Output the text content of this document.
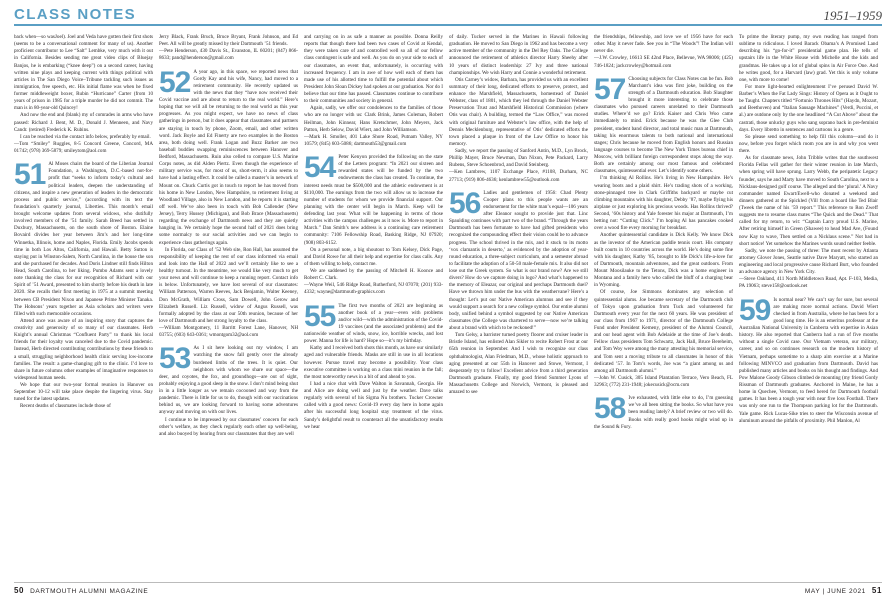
CLASS NOTES	1951–1959

back when—so wasJoel). Joel and Veda have gotten their first shots (seems to be a conversational comment for many of us). Another proficient contributor to Lee “Salt” Lembke, very much with it out in California. Besides sending me great video clips of Bluejay Banjos, he is embarking (“knee deep”) on a second career, having written nine plays and keeping current with things political with articles in The San Diego Voice–Tribune tackling such issues as immigration, free speech, etc. His initial flame was when he fixed former middleweight boxer, Rubin “Hurricane” Carter (from 10 years of prison in 1985 for a triple murder he did not commit. The man is in 80-year-old Quincey!

And now the end and (blank) my of comrades in arms who have passed: Richard J. Bent, M. D., Donald J. Menneen, and Navy Candr. (retired) Frederick K. Rubins.

I can be reached via the contact info below, preferably by email.

—Tom “Smiley” Ruggles, 8-5 Concord Greene, Concord, MA 01742; (978) 369-5879; smileytom@aol.com

51 Al Moses chairs the board of the Liberian Journal Foundation, a Washington, D.C.-based not-for-profit that “seeks to inform today’s cultural and political leaders, deepen the understanding of citizens, and inspire a new generation of leaders in the democratic process and public service,” (according with its text the foundation’s quarterly journal, Liberties. This month’s email brought welcome updates from several widows, who dutifully involved members of the ’51 family. Sarah Breed has settled in Duxbury, Massachusetts, on the south shore of Boston. Elaine Bovaird divides her year between Jim’s and her long-time Winnetka, Illinois, home and Naples, Florida. Emily Jacobs spends time in both Los Altos, California, and Hawaii. Betty Sutton is staying put in Winston-Salem, North Carolina, in the house the son and she purchased for decades. And Doris Lindner still finds Hilton Head, South Carolina, to her liking. Pumbo Adams sent a lovely note thanking the class for our recognition of Richard with our Spirit of ’51 Award, presented to him shortly before his death in late 2020. She recalls their first meeting in 1975 at a summit meeting between CB President Nixon and Japanese Prime Minister Tanaka. The Hobsons’ years together as Asia scholars and writers were filled with such memorable occasions.

Attend ance was aware of an inspiring story that captures the creativity and generosity of so many of our classmates. Herb Knight’s annual Christmas “Confluent Party” to thank his local friends for their loyalty was canceled due to the Covid pandemic. Instead, Herb directed contributing contributions by these friends to a small, struggling neighborhood health clinic serving low-income families. The result: a game-changing gift to the clinic. I’d love to share in future columns other examples of imaginative responses to widespread human needs.

We hope that our two-year formal reunion in Hanover on September 10-12 will take place despite the lingering virus. Stay tuned for the latest updates.

Recent deaths of classmates include those of

Jerry Black, Frank Bruch, Bruce Bryant, Frank Johnson, and Ed Peet. All will be greatly missed by their Dartmouth ’51 friends.

—Pete Henderson, 430 Davis St., Evanston, IL 60201; (847) 866-8633; pand@henderson@gmail.com

52 A year ago, in this space, we reported news that Gordy Kay and his wife, Nancy, had moved to a retirement community. He recently updated us with the news that they “have now received their Covid vaccine and are about to return to the real world.” Here’s hoping that we will all be returning to the real world as this year progresses. As you might expect, we have no news of class gatherings in person, but it does appear that classmates and partners are staying in touch by phone, Zoom, email, and other written word. Jack Boyle and Ed Finerty are two examples in the Boston area, both doing well. Frank Logan and Buzz Barker are two baseball buddies swapping reminiscences between Hanover and Bedford, Massachusetts. Ruin also celled to compare U.S. Marine Corps notes, as did Alden Piertz. Even though the experience of military service was, for most of us, short-term, it also seems to have had a lasting effect. It could be called a master’s in network of Mount on. Chuck Curtis got in touch to report he has moved from his home in New London, New Hampshire, to retirement living at Woodland Village, also in New London, and he reports it is starting off well. We’ve also been in touch with Bob Callender (New Jersey), Terry Hussey (Michigan), and Bob Brace (Massachusetts) regarding the exchange of Dartmouth news and they are quietly hanging in. We certainly hope the second half of 2021 does bring some normalcy to our social activities and we can begin to experience class gatherings again.

In Florida, our Class of ’52 Web site, Ron Hall, has assumed the responsibility of keeping the rest of our class informed via email and look into the Hall of 2022 and we’ll certainly like to see a healthy turnout. In the meantime, we would like very much to get your news and will continue to keep a running report. Contact info is below. Unfortunately, we have lost several of our classmates: William Patterson, Warren Reeves, Jack Benjamin, Walter Keeney, Don McGrath, William Cross, Sam Dowell, John Gerow and Elizabeth Russell. Liz Russell, widow of Angus Russell, was formally adopted by the class at our 50th reunion, because of her love of Dartmouth and her strong loyalty to the class.

—William Montgomery, 11 Barritt Forest Lane, Hanover, NH 03755; (603) 643-0361; wmontgom32@aol.com

53 As I sit here looking out my window, I am watching the snow fall gently over the already burdened limbs of the trees. It is quiet. Our neighbors with whom we share our space—the deer, and coyotes, the fox, and groundhogs—are out of sight, probably enjoying a good sleep in the snow. I don’t mind being shut in in a little longer as we remain cocooned and way from the pandemic. There is little for us to do, though with our vaccinations behind us, we are looking forward to having some adventures anyway and moving on with our lives.

I continue to be impressed by our classmates’ concern for each other’s welfare, as they check regularly each other up well-being, and also buoyed by hearing from our classmates that they are well

and carrying on in as safe a manner as possible. Donna Reilly reports that though there had been two cases of Covid at Kendal, they were taken care of and controlled well so all of our fellow class contingent is safe and well. As you do on your side to each of our classmates, an event that, unfortunately, is occurring with increased frequency. I am in awe of how well each of them has made use of his allotted time to fulfill the potential about which President John Sloan Dickey had spoken at our graduation. Nor do I believe that our time has passed. Classmates continue to contribute to their communities and society in general.

Again, sadly, we offer our condolences to the families of those who are no longer with us: Clark Brink, James Coleman, Robert Heilman, John Kinnear, Hans Kretschmer, John Meyers, Jack Patton, Herb Selow, David Wiert, and John Williamson.

—Mark H. Smoller, 401 Lake Shore Road, Putnam Valley, NY 10579; (845) 603-5086; dartmouth53@gmail.com

54 Peter Kenyon provided the following on the state of the Letters program: “In 2021 our sixteen and rewarded states will be funded by the two endowments the class has created. To continue, the interest needs must be $500,000 and the athletic endowment is at $110,000. The earnings from the two will allow us to increase the number of students for whom we provide financial support. Our planning with the center will begin in March. Keep will be defending last year. What will be happening in terms of those activities with the campus challenges as it now is. More to report in March.” Dan Smith’s new address is a continuing care retirement community: 7106 Fellowship Road, Basking Ridge, NJ 07920; (908) 803-6152.

On a personal note, a big shoutout to Tom Kelsey, Dick Page, and David Rowe for all their help and expertise for class calls. Any of them willing to help, contact me.

We are saddened by the passing of Mitchell H. Koonce and Robert C. Clark.

—Wayne Weil, 546 Ridge Road, Rutherford, NJ 07070; (201) 933-4332; wayne@dartmouth-graphics.com

55 The first two months of 2021 are beginning as another book of a year—even with problems and/or wild—with the administration of the Covid-19 vaccines (and the associated problems) and the nationwide weather of winds, snow, ice, horrible wrecks, and lost power. Manna for life is hard? Hope so—it’s my birthday.

Kathy and I received both shots this month, as have our similarly aged and vulnerable friends. Masks are still in use in all locations however. Pursue travel may become a possibility. Your class executive committee is working on a class mini reunion in the fall; the most noteworthy news in a bit of and ahead to you.

I had a nice chat with Dave Walton in Savannah, Georgia. He and Alice are doing well and just by the weather. Dave talks regularly with several of his Sigma Nu brothers. Tucker Crowner called with a good news: Covid-19 every day here in home again after his successful long hospital stay treatment of the virus. Sandy’s delightful result to counteract all the unsatisfactory results we hear

of daily. Tucker served in the Marines in Hawaii following graduation. He moved to San Diego in 1962 and has become a very active member of the community in the Del Rey Oaks. The College announced the retirement of athletics director Harry Sheehy after 10 years of distinct leadership: 27 Ivy and three national championships. We wish Harry and Connie a wonderful retirement.

Otis Carney’s widow, Barbara, has provided us with an excellent summary of their long, dedicated efforts to preserve, protect, and enhance the Marshfield, Massachusetts, homestead of Daniel Webster, class of 1801, which they led through the Daniel Webster Preservation Trust and Marshfield Historical Commission (where Otis was chair). A building, termed the “Law Office,” was moved with original furniture and Webster’s law office, with the help of Dennis Mecklenburg, representative of Otis’ dedicated efforts the town placed a plaque in front of the Law Office to honor his memory.

Sadly, we report the passing of Sanford Antin, M.D., Lyn Brock, Phillip Mayer, Bruce Newman, Dan Nixon, Pete Packard, Larry Rubens, Steve Schoenbrod, and David Steinberg.

—Ken Lambrew, 1107 Exchange Place, #1108, Durham, NC 27713; (919) 806-4636; kenlambrew55@outlook.com

56 Ladies and gentlemen of 1956: Chad Plenty Cooper plans to this people wants are an endorsement for the white man’s equal—106 years after Eleanor sought to provide just that. Linc Spaulding continues with part two of the brand. “Through the years Dartmouth has been fortunate to have had gifted presidents who recognized the compounding effect their vision could be to advance progress. The school thrived in the mix, and it stuck to its motto ‘vox clamantis in deserto,’ as evidenced by the adoption of year-round education, a three-subject curriculum, and a semester abroad to facilitate the adoption of a 50-50 male-female mix. It also did not lose out the Greek system. So what is our brand now? Are we still divers? How do we capture doing in logo? And what’s happened to the memory of Eleazar, our original and perchaps Dartmouth duel? Have we thrown him under the bus with the weathervane? Here’s a thought: Let’s put our Native American alumnus and see if they would support a search for a new college symbol. Our entire alumni body, unified behind a symbol suggested by our Native American classmates (the College was chartered to serve—now we’re talking about a brand with which to be reckoned!”

Tom Gelsy, a barrister turned poetry floorer and cruiser leader in Bristle Island, has enlisted Alan Sikler to recite Robert Frost at our 65th reunion in September. And I wish to recognize our class ophthalmologist, Alan Friedman, M.D., whose holistic approach to aging presented at our 55th in Hanover and Stowe, Vermont, I desperately try to follow! Excellent advice from a third generation Dartmouth graduate. Finally, my good friend Summer Lyons of Massachusetts College and Norwich, Vermont, is pleased and amazed to see

the friendships, fellowship, and love we of 1956 have for each other. May it never fade. See you in “The Woods”! The Indian will never die.

—J.W. Crowley, 16613 SE 42nd Place, Bellevue, WA 98006; (425) 746-1824; jackcrowley@hotmail.com

57 Choosing subjects for Class Notes can be fun. Bob Marchant’s idea was first joke, building on the strength of a Dartmouth education. Bob Slaughter brought it more interesting to celebrate those classmates who pursued careers unrelated to their Dartmouth studies. Where’d we go? Erick Kaiser and Chris Woo came immediately to mind. Erick because he was the Glee Club president, student band director, and total music man at Dartmouth, taking his enormous talents to both national and international stages; Chris because he moved from English honors and Russian language courses to become The New York Times bureau chief in Moscow, with brilliant foreign correspondent stops along the way. Both are certainly among our most famous and celebrated classmates, quintessential ever. Let’s identify some others.

I’m thinking Al Rollins. He’s living in New Hampshire. He’s wearing boots and a plaid shirt. He’s trading shots of a working, stone-pinnaged tree in Clark Griffiths backyard or maybe cut climbing mountains with his daughter, Debby ’87, maybe flying his airplane or just exploring his precious woods. Has Rollins thrived? Second, ’60s history and Yale forester his major at Dartmouth, I’m betting not: “Cutting Click.” I’m hoping Al has pancakes cooked over a wood fire every morning for breakfast.

Another quintessential candidate is Dick Kelly. We know Dick as the investor of the American paddle tennis court. His company built courts in 10 countries across the world. He’s doing some fine with his daughter, Kathy ’85, brought to life Dick’s life-a-love for of Dartmouth, mountain adventures, and the great outdoors. From Mount Moosilauke to the Tetons, Dick was a home engineer in Montana and a family hero who called the bluff of a charging bear in Wyoming.

Of course, Joe Simmons dominates any selection of quintessential alums. Joe became secretary of the Dartmouth club of Tokyo upon graduation from Tuck and volunteered for Dartmouth every year for the next 60 years. He was president of our class from 1967 to 1971, director of the Dartmouth College Fund under President Kemeny, president of the Alumni Council, and our head agent with Bob Adelaide at the time of Joe’s death. Fellow class presidents Tom Schwartz, Jack Hall, Bruce Bereheim, and Tom Woy were among the many attesting his memorial service, and Tom sent a moving tribute to all classmates in honor of this dedicated ’57. In Tom’s words, Joe was “a giant among us and among all Dartmouth alumni.”

—John W. Cusick, 305 Island Plantation Terrace, Vero Beach, FL 32963; (772) 231-1948; jokecusick@ocm.com

58 Ive exhausted, with little else to do, I’m guessing we’ve all been sitting the books. So what have you been reading lately? A brief review or two will do. Books with really good hooks might wind up in the Sound & Fury.

To prime the literary pump, my own reading has ranged from sublime to ridiculous. I loved Barack Obama’s A Promised Land describing his “go-for-it” presidential game plan. He tells of upstairs life in the White House with Michelle and the kids and grandmas. He takes up a lot of global spins in Air Force One. And he writes good, for a Harvard (law) grad. Yet this is only volume one, with more to come!

For more light-hearted enlightenment I’ve perused David W. Barber’s When the Fat Lady Sings: History of Opera as it Ought to be Taught. Chapters titled “Fortunio Thrones Hits” (Haydn, Mozart, and Beethoven) and “Italian Sausage Machines” (Verdi, Puccini, et al.) are outdone only by the one headlined “A Cut Above” about the castrati, those unlucky guys who sang soprano back in pre-feminist days. Every libretto in sentences and cartoons is a genre.

So please send something to help fill this column—and do it now, before you forget which room you are in and why you went there.

As for classmate news, John Tribble writes that the southwest Florida Fellas will gather for their winter reunion in late March, when spring will have sprung. Larry Webb, the peripatetic Legacy founder, says he and Marty have moved to South Carolina, next to a Nicklaus-designed golf course. The alleged and the ‘plural.’ A Navy commander named Ewart/Ewell-who donated a weekend and dinners gathered at the Spickled (Vill from a board like Ted Blair (Tweek the name of his ’59 report.” This reference to Ron Zweff suggests me to resume class mates “The Quick and the Dead.” That called for my return, to wit: “Captain Larry proud U.S. Marine, After retiring himself in Green (Shawee) to head Mad Ave, (Found now Kay to wave, Then settled on a Nicklaus scene.” Not bad in short notice! Yet somehow the Marines words sound neither feeble.

Sadly, we note the passing of three: The most recent by Atlanta attorney Glover Jones, Seattle native Dave Maryatt, who started an engineering and local progressive cause Richard Burt, who founded an advance agency in New York City.

—Steve Oakland, 411 North Middletown Road, Apt. F-103, Media, PA 19063; steve158@outlook.net

59 Is normal near? We can’t say for sure, but several are making more normal actions. David Wiert checked in from Australia, where he has been for a good long time. He is an emeritus professor at the Australian National University in Canberra with expertise in Asian history. He also reported that Canberra had a run of five months without a single Covid case. Our Vietnam veteran, our military, career, and so on continues research on the modern history of Vietnam, perhaps sometime to a sharp aim exercise at a Marine following MINVCO and graduation from Dartmouth. David has published many articles and books on his thought and findings. And Pow Malone Goody Gibson climbed de mounting (my friend Gordy Rissman of Dartmouth graduates. Anchored in Maine, he has a home in Quechee, Vermont, to feed hered for Dartmouth football games. It has been a tough year with near five loss Football. There was only one run to the Thompson parking lot for the Dartmouth. Yale game. Rick Lucas-Sike tries to steer the Wisconsin avenue of aluminum around the pitfalls of proximity. Phil Manlon, Al

50 DARTMOUTH ALUMNI MAGAZINE	MAY | JUNE 2021 51
